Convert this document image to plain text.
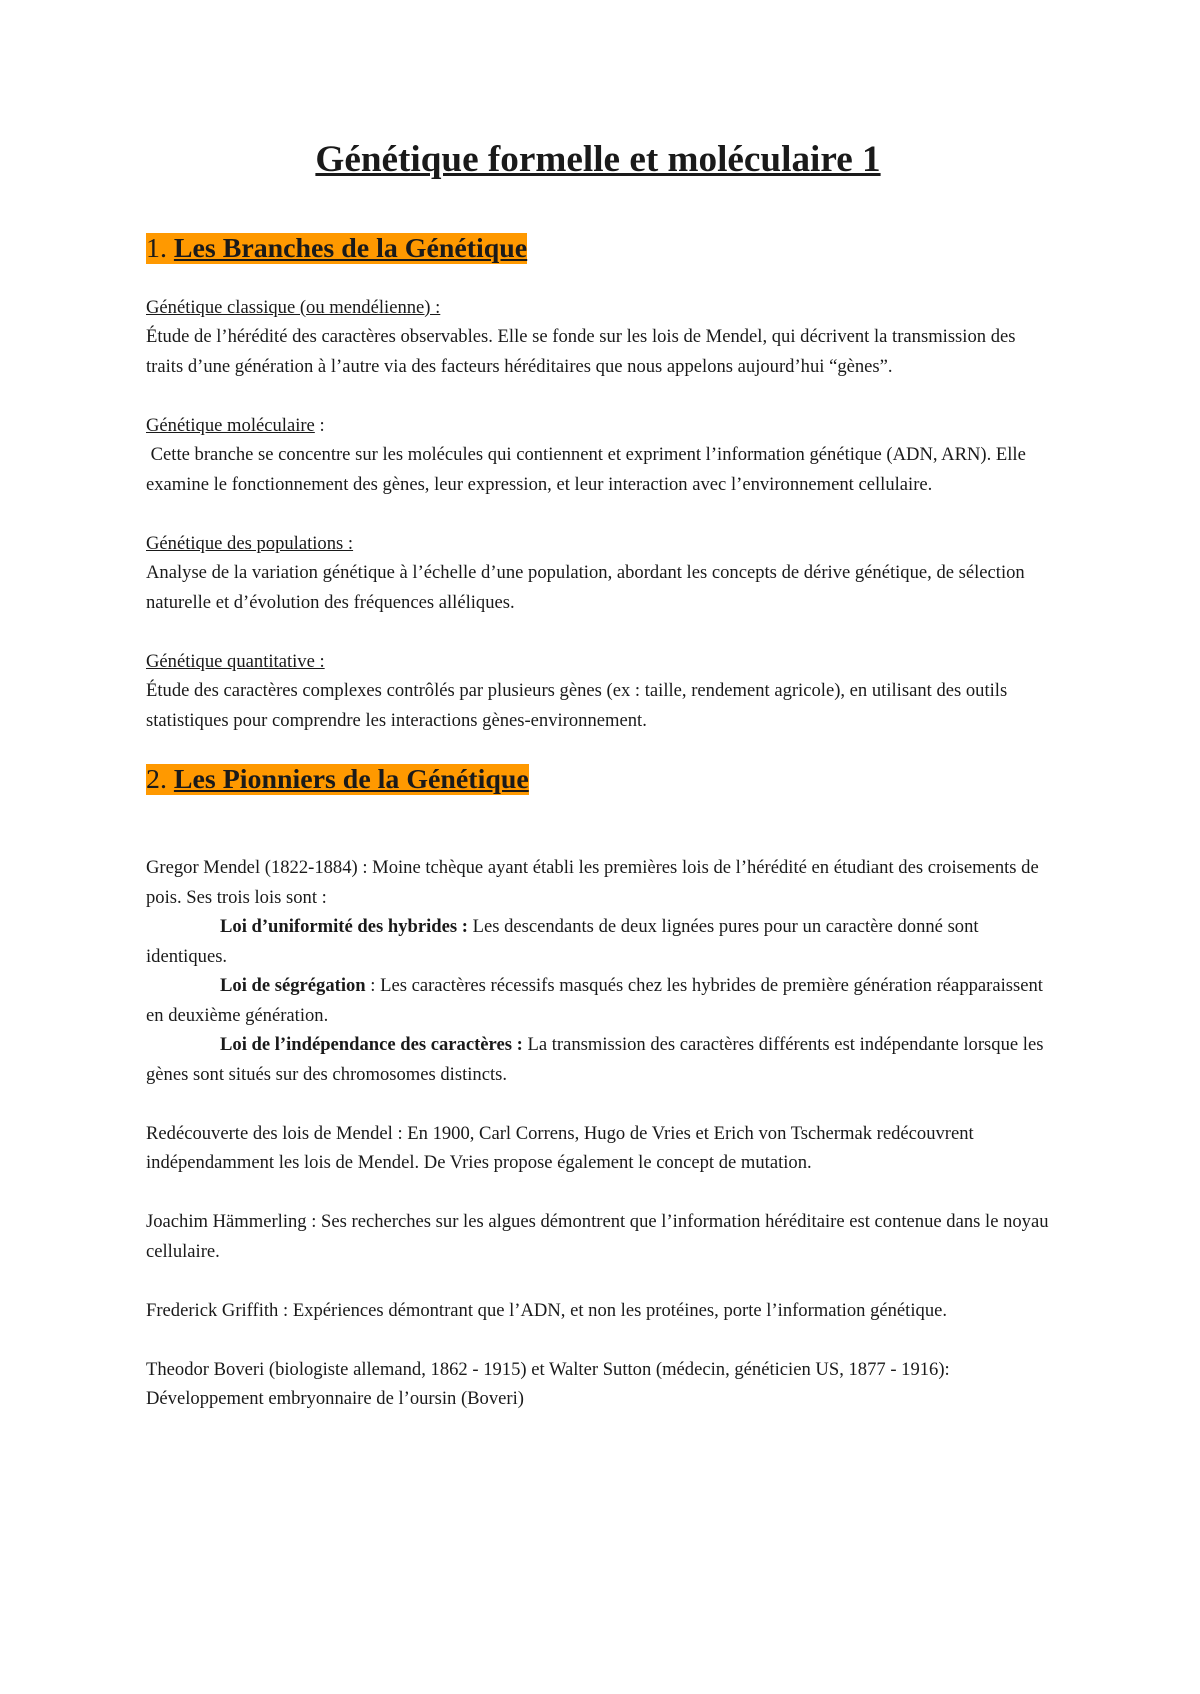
Génétique formelle et moléculaire 1
1. Les Branches de la Génétique

Génétique classique (ou mendélienne) :

Étude de l’hérédité des caractères observables. Elle se fonde sur les lois de Mendel, qui décrivent la transmission des traits d’une génération à l’autre via des facteurs héréditaires que nous appelons aujourd’hui “gènes”.

Génétique moléculaire :

Cette branche se concentre sur les molécules qui contiennent et expriment l’information génétique (ADN, ARN). Elle examine le fonctionnement des gènes, leur expression, et leur interaction avec l’environnement cellulaire.

Génétique des populations :

Analyse de la variation génétique à l’échelle d’une population, abordant les concepts de dérive génétique, de sélection naturelle et d’évolution des fréquences alléliques.

Génétique quantitative :

Étude des caractères complexes contrôlés par plusieurs gènes (ex : taille, rendement agricole), en utilisant des outils statistiques pour comprendre les interactions gènes-environnement.

2. Les Pionniers de la Génétique

Gregor Mendel (1822-1884) : Moine tchèque ayant établi les premières lois de l’hérédité en étudiant des croisements de pois. Ses trois lois sont :

Loi d’uniformité des hybrides : Les descendants de deux lignées pures pour un caractère donné sont identiques.

Loi de ségrégation : Les caractères récessifs masqués chez les hybrides de première génération réapparaissent en deuxième génération.

Loi de l’indépendance des caractères : La transmission des caractères différents est indépendante lorsque les gènes sont situés sur des chromosomes distincts.

Redécouverte des lois de Mendel : En 1900, Carl Correns, Hugo de Vries et Erich von Tschermak redécouvrent indépendamment les lois de Mendel. De Vries propose également le concept de mutation.

Joachim Hämmerling : Ses recherches sur les algues démontrent que l’information héréditaire est contenue dans le noyau cellulaire.

Frederick Griffith : Expériences démontrant que l’ADN, et non les protéines, porte l’information génétique.

Theodor Boveri (biologiste allemand, 1862 - 1915) et Walter Sutton (médecin, généticien US, 1877 - 1916):

Développement embryonnaire de l’oursin (Boveri)
